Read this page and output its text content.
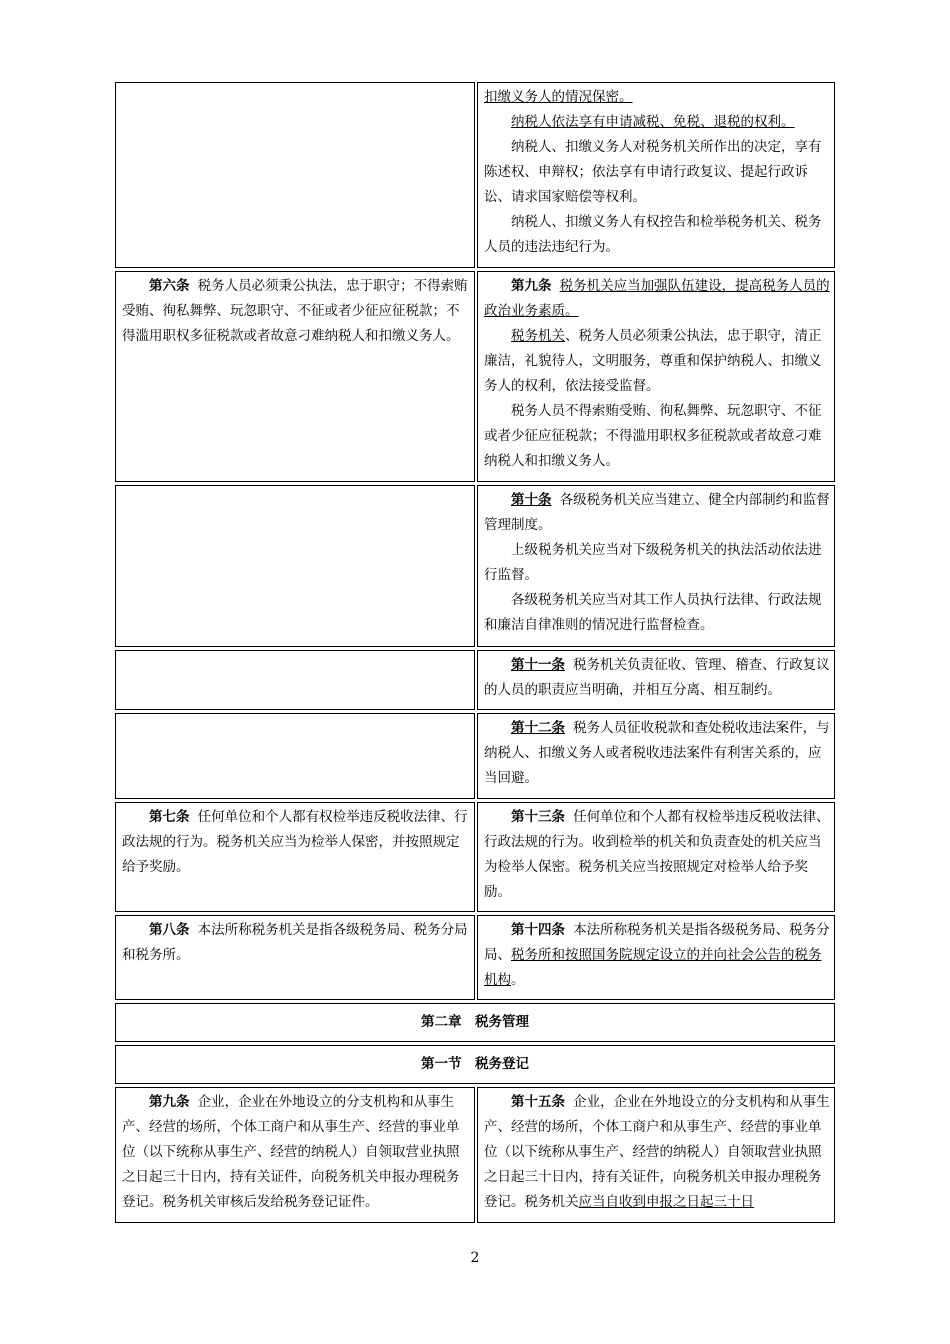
扣缴义务人的情况保密。

纳税人依法享有申请减税、免税、退税的权利。

纳税人、扣缴义务人对税务机关所作出的决定，享有陈述权、申辩权；依法享有申请行政复议、提起行政诉讼、请求国家赔偿等权利。

纳税人、扣缴义务人有权控告和检举税务机关、税务人员的违法违纪行为。

第六条 税务人员必须秉公执法，忠于职守；不得索贿受贿、徇私舞弊、玩忽职守、不征或者少征应征税款；不得滥用职权多征税款或者故意刁难纳税人和扣缴义务人。

第九条 税务机关应当加强队伍建设，提高税务人员的政治业务素质。

税务机关、税务人员必须秉公执法，忠于职守，清正廉洁，礼貌待人，文明服务，尊重和保护纳税人、扣缴义务人的权利，依法接受监督。

税务人员不得索贿受贿、徇私舞弊、玩忽职守、不征或者少征应征税款；不得滥用职权多征税款或者故意刁难纳税人和扣缴义务人。

第十条 各级税务机关应当建立、健全内部制约和监督管理制度。

上级税务机关应当对下级税务机关的执法活动依法进行监督。

各级税务机关应当对其工作人员执行法律、行政法规和廉洁自律准则的情况进行监督检查。

第十一条 税务机关负责征收、管理、稽查、行政复议的人员的职责应当明确，并相互分离、相互制约。

第十二条 税务人员征收税款和查处税收违法案件，与纳税人、扣缴义务人或者税收违法案件有利害关系的，应当回避。

第七条 任何单位和个人都有权检举违反税收法律、行政法规的行为。税务机关应当为检举人保密，并按照规定给予奖励。

第十三条 任何单位和个人都有权检举违反税收法律、行政法规的行为。收到检举的机关和负责查处的机关应当为检举人保密。税务机关应当按照规定对检举人给予奖励。

第八条 本法所称税务机关是指各级税务局、税务分局和税务所。

第十四条 本法所称税务机关是指各级税务局、税务分局、税务所和按照国务院规定设立的并向社会公告的税务机构。

第二章　税务管理
第一节　税务登记

第九条 企业，企业在外地设立的分支机构和从事生产、经营的场所，个体工商户和从事生产、经营的事业单位（以下统称从事生产、经营的纳税人）自领取营业执照之日起三十日内，持有关证件，向税务机关申报办理税务登记。税务机关审核后发给税务登记证件。

第十五条 企业，企业在外地设立的分支机构和从事生产、经营的场所，个体工商户和从事生产、经营的事业单位（以下统称从事生产、经营的纳税人）自领取营业执照之日起三十日内，持有关证件，向税务机关申报办理税务登记。税务机关应当自收到申报之日起三十日

2
